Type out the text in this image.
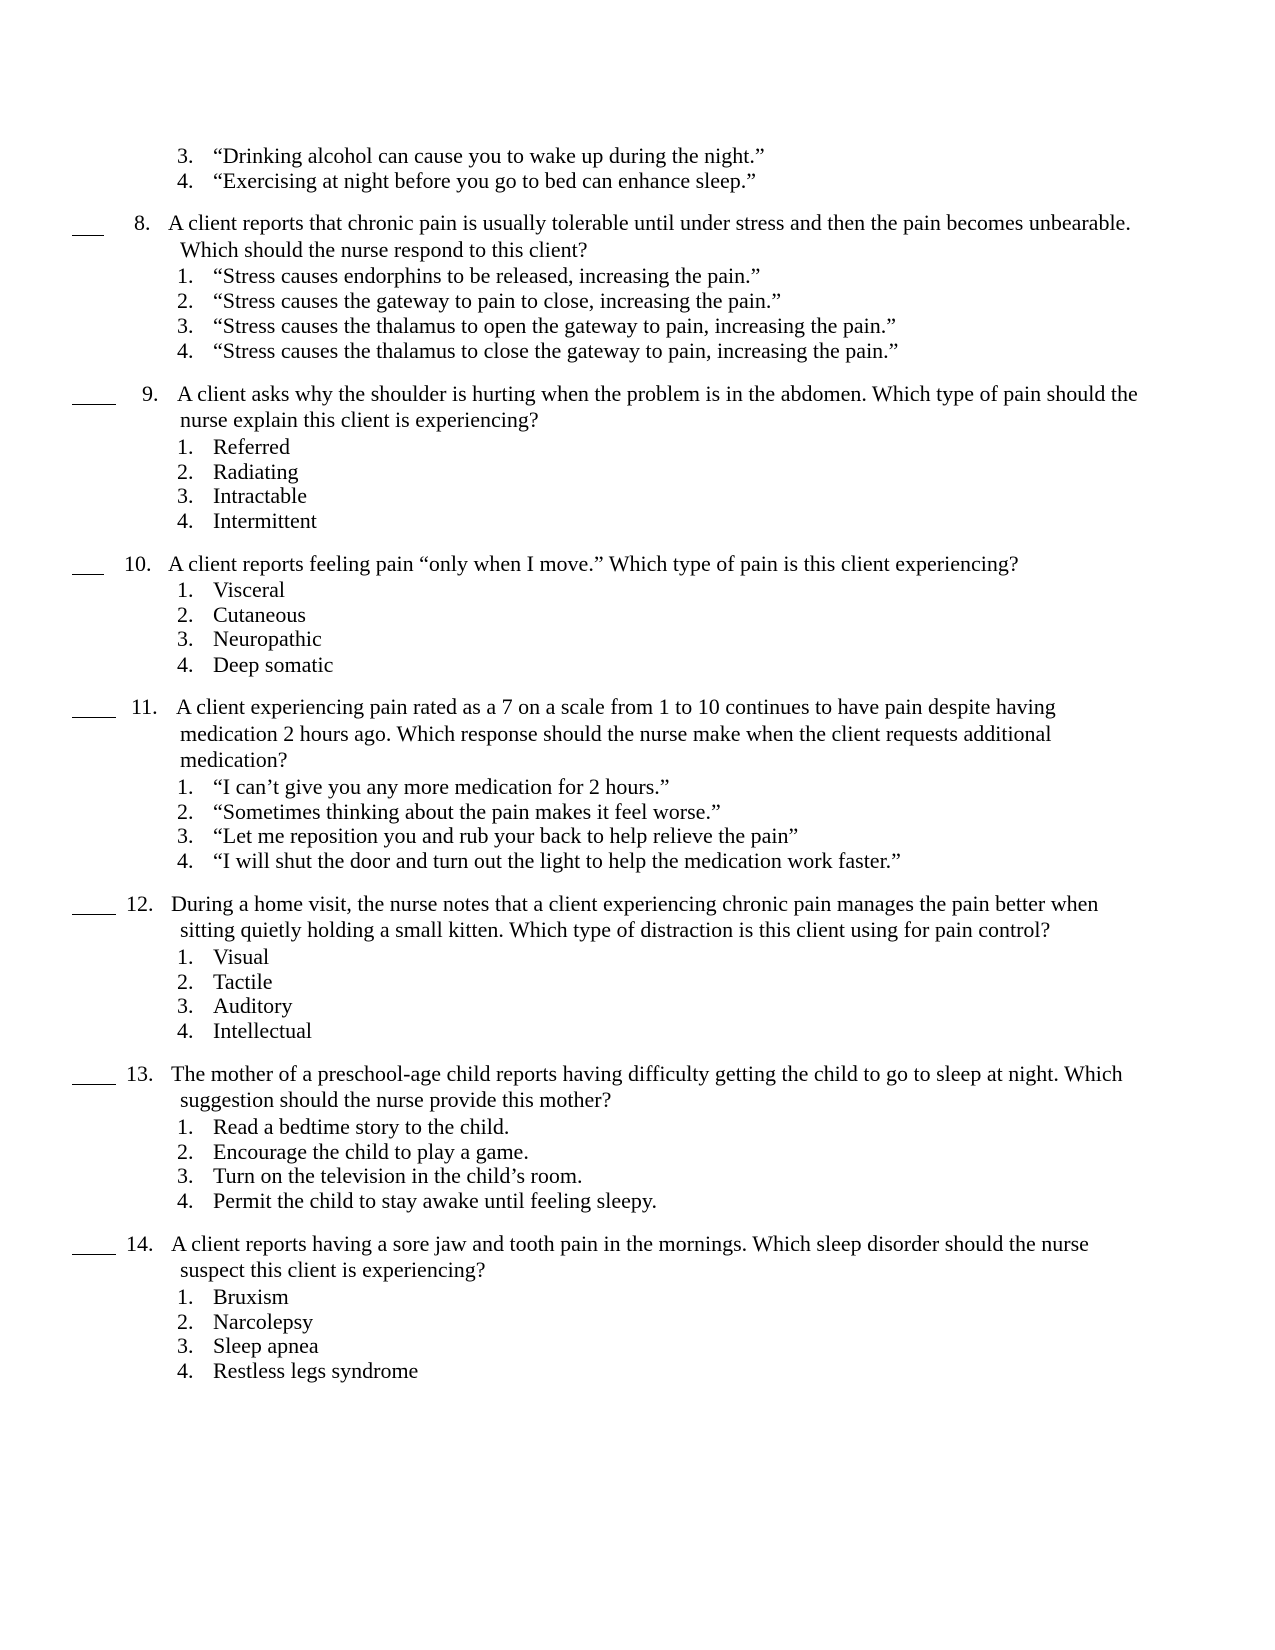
3. “Drinking alcohol can cause you to wake up during the night.”
4. “Exercising at night before you go to bed can enhance sleep.”
8. A client reports that chronic pain is usually tolerable until under stress and then the pain becomes unbearable.
Which should the nurse respond to this client?
1. “Stress causes endorphins to be released, increasing the pain.”
2. “Stress causes the gateway to pain to close, increasing the pain.”
3. “Stress causes the thalamus to open the gateway to pain, increasing the pain.”
4. “Stress causes the thalamus to close the gateway to pain, increasing the pain.”
9. A client asks why the shoulder is hurting when the problem is in the abdomen. Which type of pain should the
nurse explain this client is experiencing?
1. Referred
2. Radiating
3. Intractable
4. Intermittent
10. A client reports feeling pain “only when I move.” Which type of pain is this client experiencing?
1. Visceral
2. Cutaneous
3. Neuropathic
4. Deep somatic
11. A client experiencing pain rated as a 7 on a scale from 1 to 10 continues to have pain despite having
medication 2 hours ago. Which response should the nurse make when the client requests additional
medication?
1. “I can’t give you any more medication for 2 hours.”
2. “Sometimes thinking about the pain makes it feel worse.”
3. “Let me reposition you and rub your back to help relieve the pain”
4. “I will shut the door and turn out the light to help the medication work faster.”
12. During a home visit, the nurse notes that a client experiencing chronic pain manages the pain better when
sitting quietly holding a small kitten. Which type of distraction is this client using for pain control?
1. Visual
2. Tactile
3. Auditory
4. Intellectual
13. The mother of a preschool-age child reports having difficulty getting the child to go to sleep at night. Which
suggestion should the nurse provide this mother?
1. Read a bedtime story to the child.
2. Encourage the child to play a game.
3. Turn on the television in the child’s room.
4. Permit the child to stay awake until feeling sleepy.
14. A client reports having a sore jaw and tooth pain in the mornings. Which sleep disorder should the nurse
suspect this client is experiencing?
1. Bruxism
2. Narcolepsy
3. Sleep apnea
4. Restless legs syndrome
